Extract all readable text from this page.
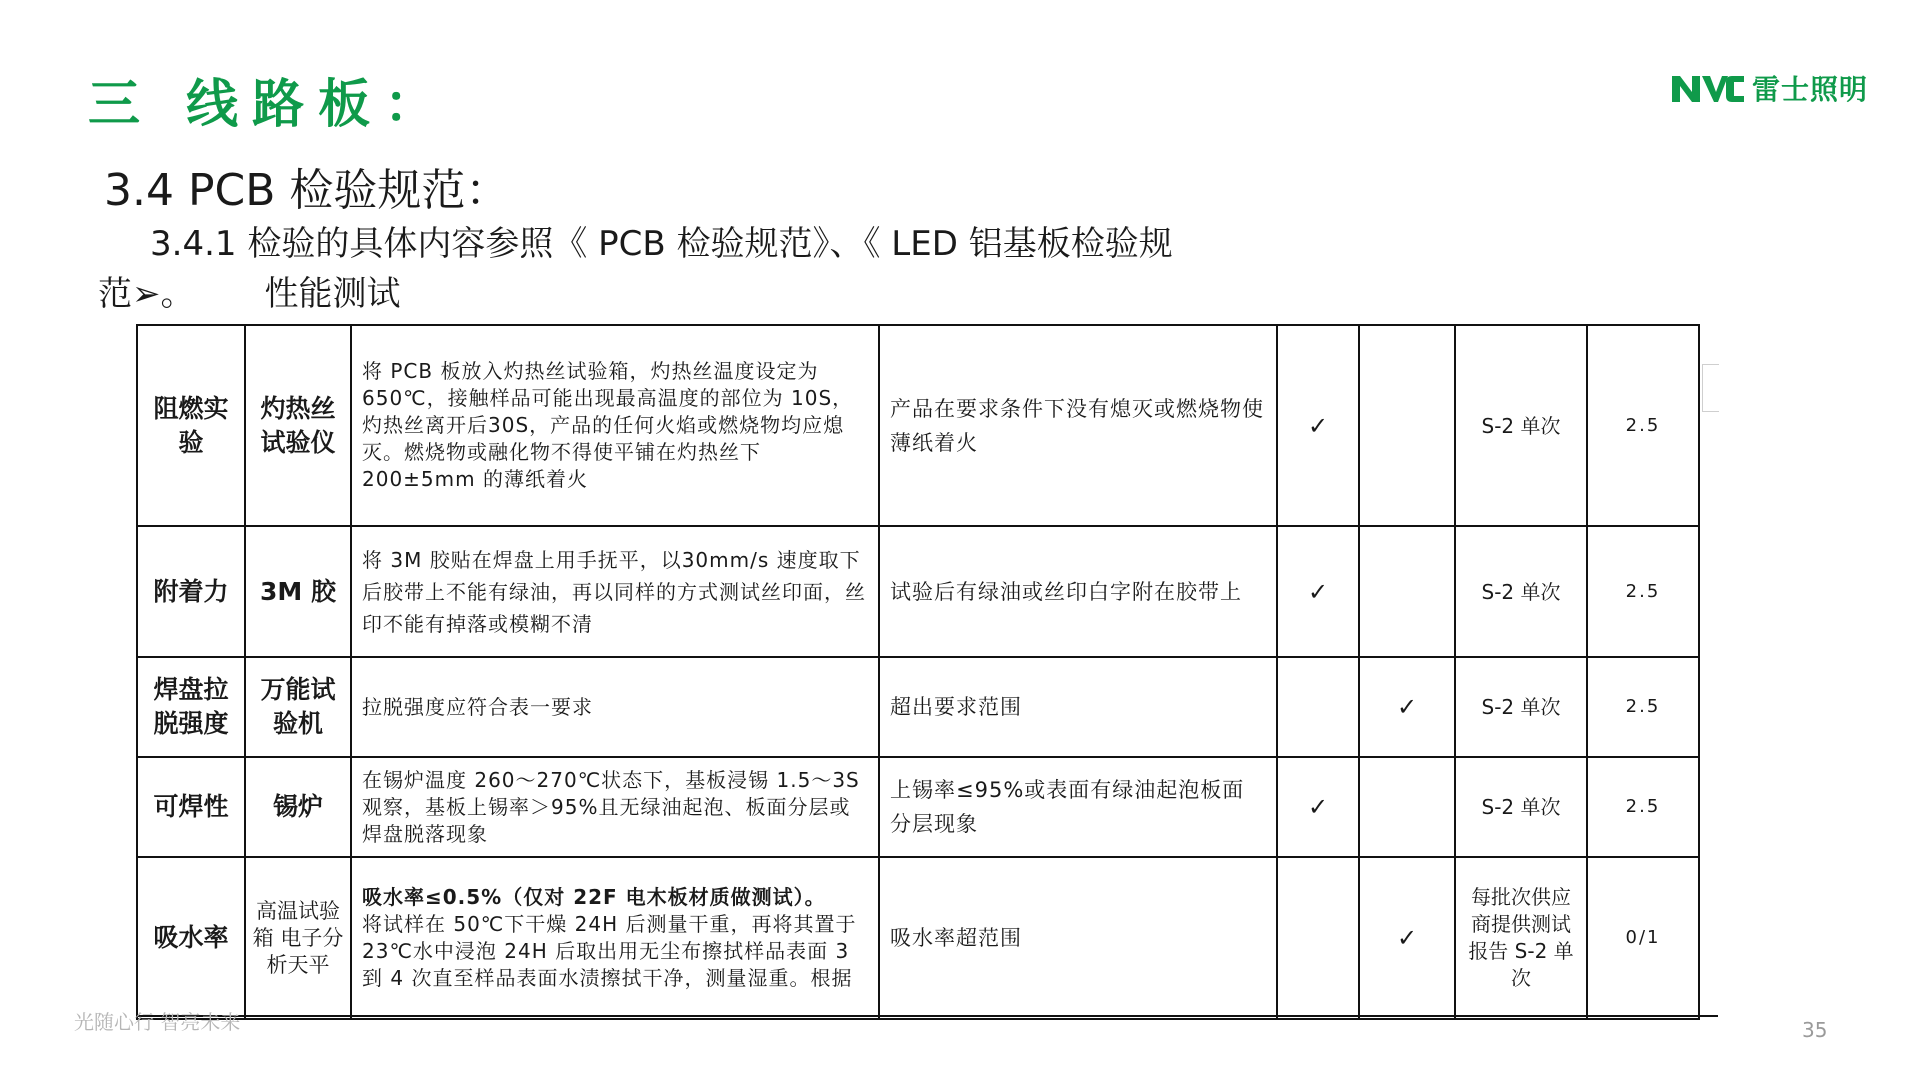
三 线路板：	雷士照明
3.4 PCB 检验规范：
3.4.1 检验的具体内容参照《 PCB 检验规范》、《 LED 铝基板检验规
范➢。 性能测试
阻燃实验	灼热丝试验仪	将 PCB 板放入灼热丝试验箱，灼热丝温度设定为 650℃，接触样品可能出现最高温度的部位为 10S，灼热丝离开后30S，产品的任何火焰或燃烧物均应熄灭。燃烧物或融化物不得使平铺在灼热丝下 200±5mm 的薄纸着火	产品在要求条件下没有熄灭或燃烧物使薄纸着火	✓		S-2 单次	2.5
附着力	3M 胶	将 3M 胶贴在焊盘上用手抚平，以30mm/s 速度取下后胶带上不能有绿油，再以同样的方式测试丝印面，丝印不能有掉落或模糊不清	试验后有绿油或丝印白字附在胶带上	✓		S-2 单次	2.5
焊盘拉脱强度	万能试验机	拉脱强度应符合表一要求	超出要求范围		✓	S-2 单次	2.5
可焊性	锡炉	在锡炉温度 260～270℃状态下，基板浸锡 1.5～3S 观察，基板上锡率＞95%且无绿油起泡、板面分层或焊盘脱落现象	上锡率≤95%或表面有绿油起泡板面分层现象	✓		S-2 单次	2.5
吸水率	高温试验箱 电子分析天平	吸水率≤0.5%（仅对 22F 电木板材质做测试）。
将试样在 50℃下干燥 24H 后测量干重，再将其置于 23℃水中浸泡 24H 后取出用无尘布擦拭样品表面 3 到 4 次直至样品表面水渍擦拭干净，测量湿重。根据	吸水率超范围		✓	每批次供应商提供测试报告 S-2 单次	0/1
光随心行 智亮未来	35
